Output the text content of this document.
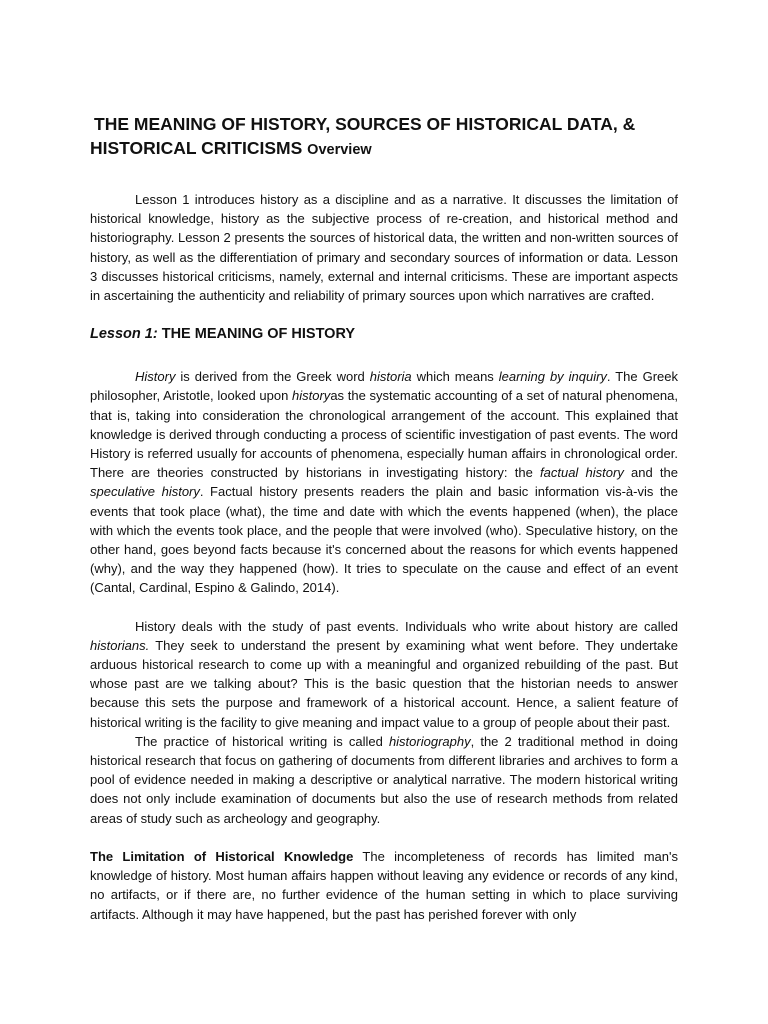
THE MEANING OF HISTORY, SOURCES OF HISTORICAL DATA, &
HISTORICAL CRITICISMS Overview

Lesson 1 introduces history as a discipline and as a narrative. It discusses the limitation of historical knowledge, history as the subjective process of re-creation, and historical method and historiography. Lesson 2 presents the sources of historical data, the written and non-written sources of history, as well as the differentiation of primary and secondary sources of information or data. Lesson 3 discusses historical criticisms, namely, external and internal criticisms. These are important aspects in ascertaining the authenticity and reliability of primary sources upon which narratives are crafted.

Lesson 1: THE MEANING OF HISTORY

History is derived from the Greek word historia which means learning by inquiry. The Greek philosopher, Aristotle, looked upon historyas the systematic accounting of a set of natural phenomena, that is, taking into consideration the chronological arrangement of the account. This explained that knowledge is derived through conducting a process of scientific investigation of past events. The word History is referred usually for accounts of phenomena, especially human affairs in chronological order. There are theories constructed by historians in investigating history: the factual history and the speculative history. Factual history presents readers the plain and basic information vis-à-vis the events that took place (what), the time and date with which the events happened (when), the place with which the events took place, and the people that were involved (who). Speculative history, on the other hand, goes beyond facts because it's concerned about the reasons for which events happened (why), and the way they happened (how). It tries to speculate on the cause and effect of an event (Cantal, Cardinal, Espino & Galindo, 2014).

History deals with the study of past events. Individuals who write about history are called historians. They seek to understand the present by examining what went before. They undertake arduous historical research to come up with a meaningful and organized rebuilding of the past. But whose past are we talking about? This is the basic question that the historian needs to answer because this sets the purpose and framework of a historical account. Hence, a salient feature of historical writing is the facility to give meaning and impact value to a group of people about their past.

The practice of historical writing is called historiography, the 2 traditional method in doing historical research that focus on gathering of documents from different libraries and archives to form a pool of evidence needed in making a descriptive or analytical narrative. The modern historical writing does not only include examination of documents but also the use of research methods from related areas of study such as archeology and geography.

The Limitation of Historical Knowledge The incompleteness of records has limited man's knowledge of history. Most human affairs happen without leaving any evidence or records of any kind, no artifacts, or if there are, no further evidence of the human setting in which to place surviving artifacts. Although it may have happened, but the past has perished forever with only
